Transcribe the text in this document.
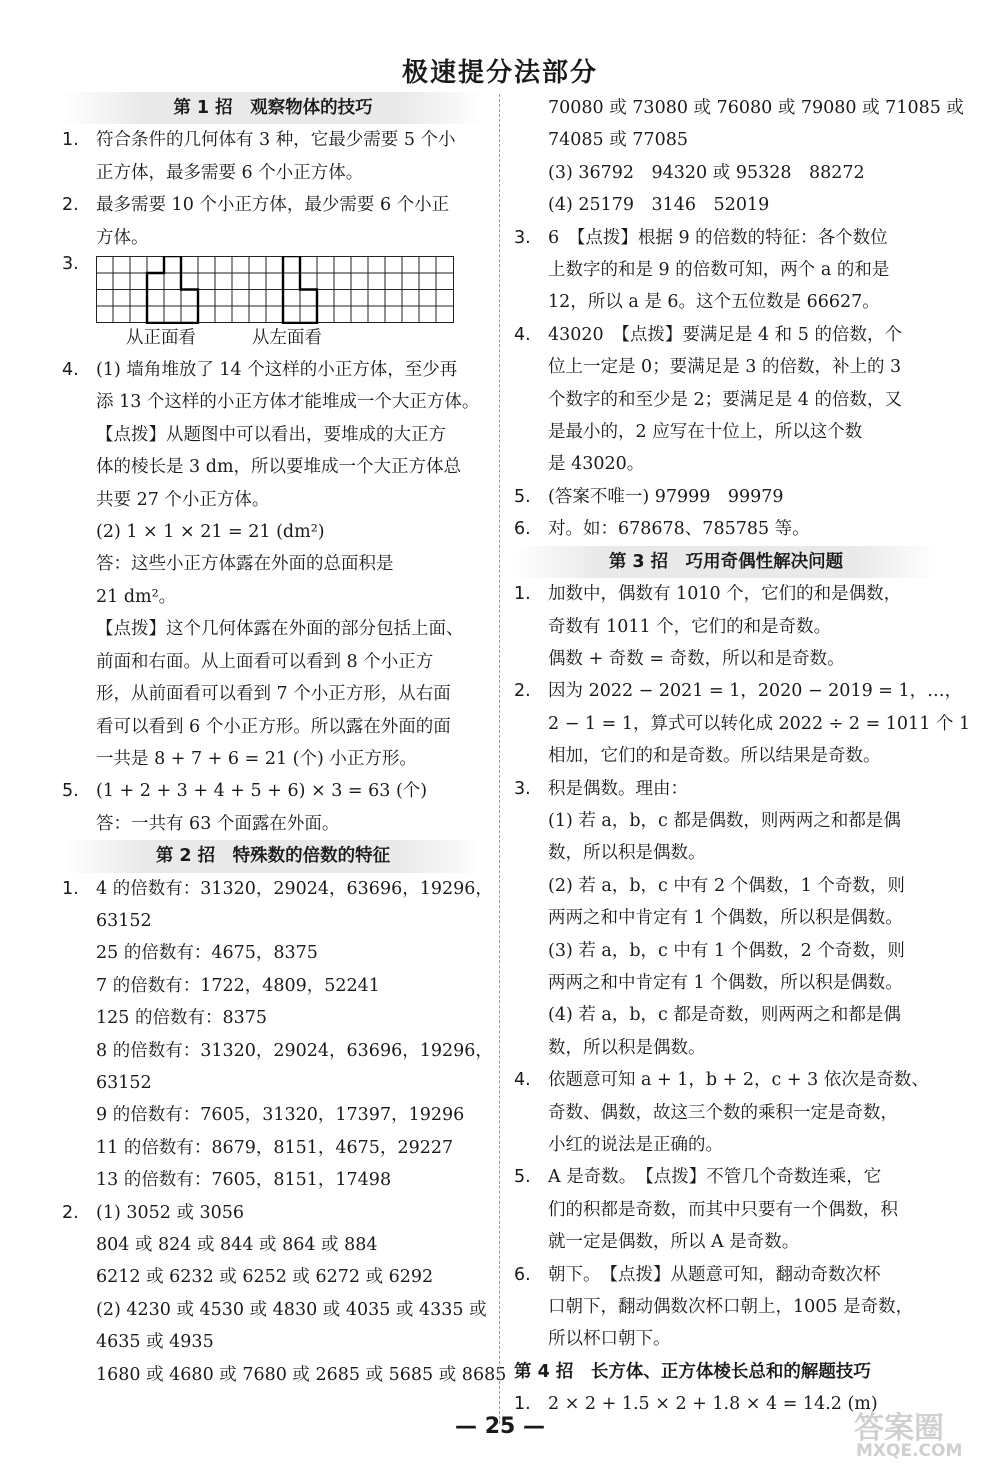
极速提分法部分
第 1 招　观察物体的技巧
1. 符合条件的几何体有 3 种，它最少需要 5 个小
正方体，最多需要 6 个小正方体。
2. 最多需要 10 个小正方体，最少需要 6 个小正
方体。
3.
从正面看	从左面看
4. (1) 墙角堆放了 14 个这样的小正方体，至少再
添 13 个这样的小正方体才能堆成一个大正方体。
【点拨】从题图中可以看出，要堆成的大正方
体的棱长是 3 dm，所以要堆成一个大正方体总
共要 27 个小正方体。
(2) 1 × 1 × 21 = 21 (dm²)
答：这些小正方体露在外面的总面积是
21 dm²。
【点拨】这个几何体露在外面的部分包括上面、
前面和右面。从上面看可以看到 8 个小正方
形，从前面看可以看到 7 个小正方形，从右面
看可以看到 6 个小正方形。所以露在外面的面
一共是 8 + 7 + 6 = 21 (个) 小正方形。
5. (1 + 2 + 3 + 4 + 5 + 6) × 3 = 63 (个)
答：一共有 63 个面露在外面。
第 2 招　特殊数的倍数的特征
1. 4 的倍数有：31320，29024，63696，19296，
63152
25 的倍数有：4675，8375
7 的倍数有：1722，4809，52241
125 的倍数有：8375
8 的倍数有：31320，29024，63696，19296，
63152
9 的倍数有：7605，31320，17397，19296
11 的倍数有：8679，8151，4675，29227
13 的倍数有：7605，8151，17498
2. (1) 3052 或 3056
804 或 824 或 844 或 864 或 884
6212 或 6232 或 6252 或 6272 或 6292
(2) 4230 或 4530 或 4830 或 4035 或 4335 或
4635 或 4935
1680 或 4680 或 7680 或 2685 或 5685 或 8685
70080 或 73080 或 76080 或 79080 或 71085 或
74085 或 77085
(3) 36792　94320 或 95328　88272
(4) 25179　3146　52019
3. 6　【点拨】根据 9 的倍数的特征：各个数位
上数字的和是 9 的倍数可知，两个 a 的和是
12，所以 a 是 6。这个五位数是 66627。
4. 43020　【点拨】要满足是 4 和 5 的倍数，个
位上一定是 0；要满足是 3 的倍数，补上的 3
个数字的和至少是 2；要满足是 4 的倍数，又
是最小的，2 应写在十位上，所以这个数
是 43020。
5. (答案不唯一) 97999　99979
6. 对。如：678678、785785 等。
第 3 招　巧用奇偶性解决问题
1. 加数中，偶数有 1010 个，它们的和是偶数，
奇数有 1011 个，它们的和是奇数。
偶数 + 奇数 = 奇数，所以和是奇数。
2. 因为 2022 − 2021 = 1，2020 − 2019 = 1，…，
2 − 1 = 1，算式可以转化成 2022 ÷ 2 = 1011 个 1
相加，它们的和是奇数。所以结果是奇数。
3. 积是偶数。理由：
(1) 若 a，b，c 都是偶数，则两两之和都是偶
数，所以积是偶数。
(2) 若 a，b，c 中有 2 个偶数，1 个奇数，则
两两之和中肯定有 1 个偶数，所以积是偶数。
(3) 若 a，b，c 中有 1 个偶数，2 个奇数，则
两两之和中肯定有 1 个偶数，所以积是偶数。
(4) 若 a，b，c 都是奇数，则两两之和都是偶
数，所以积是偶数。
4. 依题意可知 a + 1，b + 2，c + 3 依次是奇数、
奇数、偶数，故这三个数的乘积一定是奇数，
小红的说法是正确的。
5. A 是奇数。　【点拨】不管几个奇数连乘，它
们的积都是奇数，而其中只要有一个偶数，积
就一定是偶数，所以 A 是奇数。
6. 朝下。　【点拨】从题意可知，翻动奇数次杯
口朝下，翻动偶数次杯口朝上，1005 是奇数，
所以杯口朝下。
第 4 招　长方体、正方体棱长总和的解题技巧
1. 2 × 2 + 1.5 × 2 + 1.8 × 4 = 14.2 (m)
— 25 —	答案圈
MXQE.COM
